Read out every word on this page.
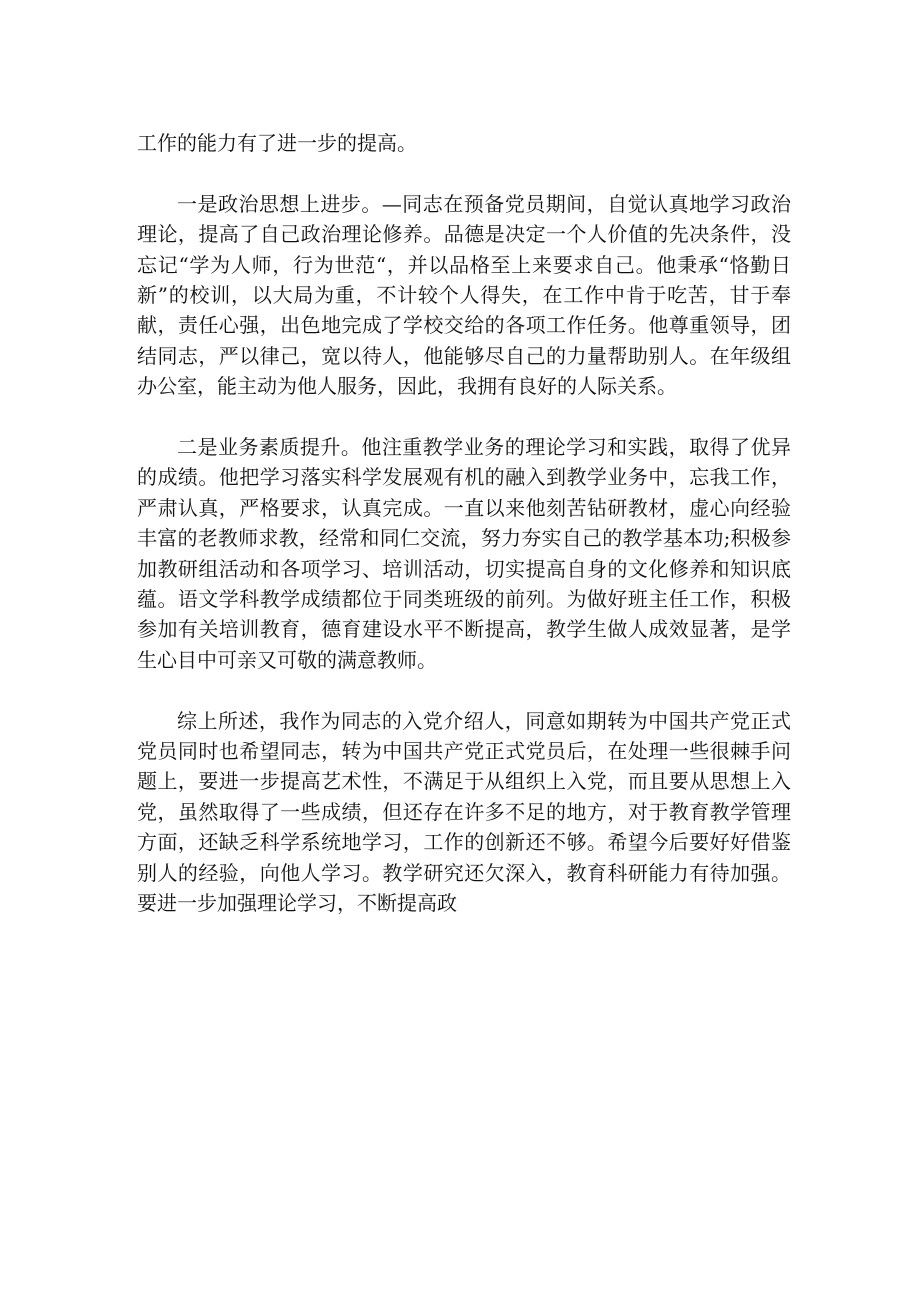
工作的能力有了进一步的提高。

一是政治思想上进步。—同志在预备党员期间，自觉认真地学习政治理论，提高了自己政治理论修养。品德是决定一个人价值的先决条件，没忘记“学为人师，行为世范“，并以品格至上来要求自己。他秉承“恪勤日新”的校训，以大局为重，不计较个人得失，在工作中肯于吃苦，甘于奉献，责任心强，出色地完成了学校交给的各项工作任务。他尊重领导，团结同志，严以律己，宽以待人，他能够尽自己的力量帮助别人。在年级组办公室，能主动为他人服务，因此，我拥有良好的人际关系。

二是业务素质提升。他注重教学业务的理论学习和实践，取得了优异的成绩。他把学习落实科学发展观有机的融入到教学业务中，忘我工作，严肃认真，严格要求，认真完成。一直以来他刻苦钻研教材，虚心向经验丰富的老教师求教，经常和同仁交流，努力夯实自己的教学基本功;积极参加教研组活动和各项学习、培训活动，切实提高自身的文化修养和知识底蕴。语文学科教学成绩都位于同类班级的前列。为做好班主任工作，积极参加有关培训教育，德育建设水平不断提高，教学生做人成效显著，是学生心目中可亲又可敬的满意教师。

综上所述，我作为同志的入党介绍人，同意如期转为中国共产党正式党员同时也希望同志，转为中国共产党正式党员后，在处理一些很棘手问题上，要进一步提高艺术性，不满足于从组织上入党，而且要从思想上入党，虽然取得了一些成绩，但还存在许多不足的地方，对于教育教学管理方面，还缺乏科学系统地学习，工作的创新还不够。希望今后要好好借鉴别人的经验，向他人学习。教学研究还欠深入，教育科研能力有待加强。要进一步加强理论学习，不断提高政
